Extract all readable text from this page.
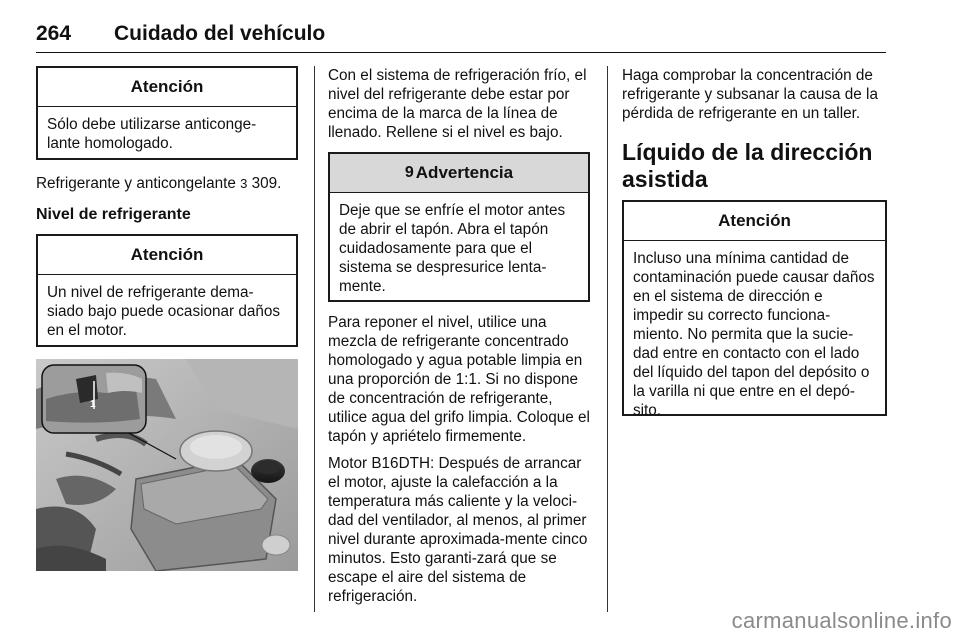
264 Cuidado del vehículo
Atención
Sólo debe utilizarse anticonge-lante homologado.

Refrigerante y anticongelante 3 309.

Nivel de refrigerante

Atención
Un nivel de refrigerante dema-siado bajo puede ocasionar daños en el motor.
1

Con el sistema de refrigeración frío, el nivel del refrigerante debe estar por encima de la marca de la línea de llenado. Rellene si el nivel es bajo.

9 Advertencia
Deje que se enfríe el motor antes de abrir el tapón. Abra el tapón cuidadosamente para que el sistema se despresurice lenta-mente.

Para reponer el nivel, utilice una mezcla de refrigerante concentrado homologado y agua potable limpia en una proporción de 1:1. Si no dispone de concentración de refrigerante, utilice agua del grifo limpia. Coloque el tapón y apriételo firmemente.

Motor B16DTH: Después de arrancar el motor, ajuste la calefacción a la temperatura más caliente y la veloci-dad del ventilador, al menos, al primer nivel durante aproximada-mente cinco minutos. Esto garanti-zará que se escape el aire del sistema de refrigeración.

Haga comprobar la concentración de refrigerante y subsanar la causa de la pérdida de refrigerante en un taller.

Líquido de la dirección asistida

Atención
Incluso una mínima cantidad de contaminación puede causar daños en el sistema de dirección e impedir su correcto funciona-miento. No permita que la sucie-dad entre en contacto con el lado del líquido del tapon del depósito o la varilla ni que entre en el depó-sito.
carmanualsonline.info
